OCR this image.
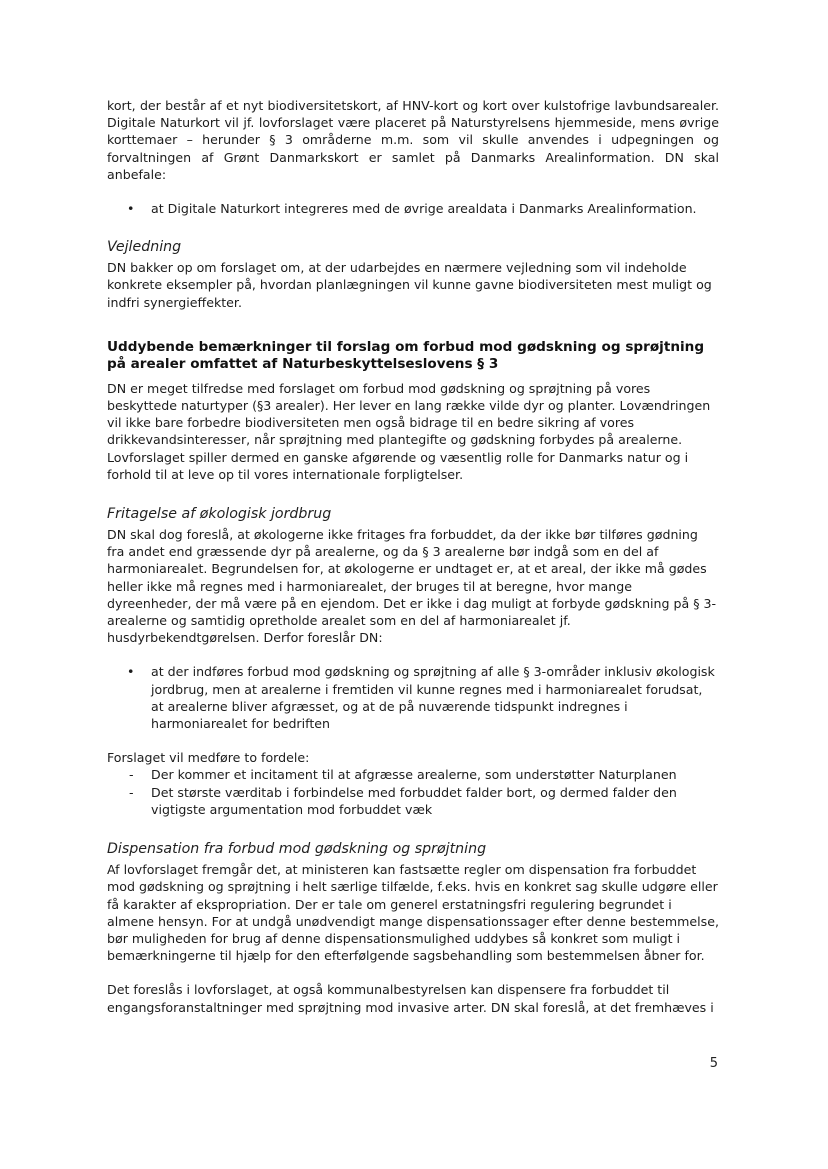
kort, der består af et nyt biodiversitetskort, af HNV-kort og kort over kulstofrige lavbundsarealer. Digitale Naturkort vil jf. lovforslaget være placeret på Naturstyrelsens hjemmeside, mens øvrige korttemaer – herunder § 3 områderne m.m. som vil skulle anvendes i udpegningen og forvaltningen af Grønt Danmarkskort er samlet på Danmarks Arealinformation. DN skal anbefale:

• at Digitale Naturkort integreres med de øvrige arealdata i Danmarks Arealinformation.
Vejledning

DN bakker op om forslaget om, at der udarbejdes en nærmere vejledning som vil indeholde konkrete eksempler på, hvordan planlægningen vil kunne gavne biodiversiteten mest muligt og indfri synergieffekter.

Uddybende bemærkninger til forslag om forbud mod gødskning og sprøjtning på arealer omfattet af Naturbeskyttelseslovens § 3

DN er meget tilfredse med forslaget om forbud mod gødskning og sprøjtning på vores beskyttede naturtyper (§3 arealer). Her lever en lang række vilde dyr og planter. Lovændringen vil ikke bare forbedre biodiversiteten men også bidrage til en bedre sikring af vores drikkevandsinteresser, når sprøjtning med plantegifte og gødskning forbydes på arealerne. Lovforslaget spiller dermed en ganske afgørende og væsentlig rolle for Danmarks natur og i forhold til at leve op til vores internationale forpligtelser.

Fritagelse af økologisk jordbrug

DN skal dog foreslå, at økologerne ikke fritages fra forbuddet, da der ikke bør tilføres gødning fra andet end græssende dyr på arealerne, og da § 3 arealerne bør indgå som en del af harmoniarealet. Begrundelsen for, at økologerne er undtaget er, at et areal, der ikke må gødes heller ikke må regnes med i harmoniarealet, der bruges til at beregne, hvor mange dyreenheder, der må være på en ejendom. Det er ikke i dag muligt at forbyde gødskning på § 3- arealerne og samtidig opretholde arealet som en del af harmoniarealet jf. husdyrbekendtgørelsen. Derfor foreslår DN:

• at der indføres forbud mod gødskning og sprøjtning af alle § 3-områder inklusiv økologisk jordbrug, men at arealerne i fremtiden vil kunne regnes med i harmoniarealet forudsat, at arealerne bliver afgræsset, og at de på nuværende tidspunkt indregnes i harmoniarealet for bedriften

Forslaget vil medføre to fordele:

- Der kommer et incitament til at afgræsse arealerne, som understøtter Naturplanen
- Det største værditab i forbindelse med forbuddet falder bort, og dermed falder den vigtigste argumentation mod forbuddet væk
Dispensation fra forbud mod gødskning og sprøjtning

Af lovforslaget fremgår det, at ministeren kan fastsætte regler om dispensation fra forbuddet mod gødskning og sprøjtning i helt særlige tilfælde, f.eks. hvis en konkret sag skulle udgøre eller få karakter af ekspropriation. Der er tale om generel erstatningsfri regulering begrundet i almene hensyn. For at undgå unødvendigt mange dispensationssager efter denne bestemmelse, bør muligheden for brug af denne dispensationsmulighed uddybes så konkret som muligt i bemærkningerne til hjælp for den efterfølgende sagsbehandling som bestemmelsen åbner for.

Det foreslås i lovforslaget, at også kommunalbestyrelsen kan dispensere fra forbuddet til engangsforanstaltninger med sprøjtning mod invasive arter. DN skal foreslå, at det fremhæves i

5
